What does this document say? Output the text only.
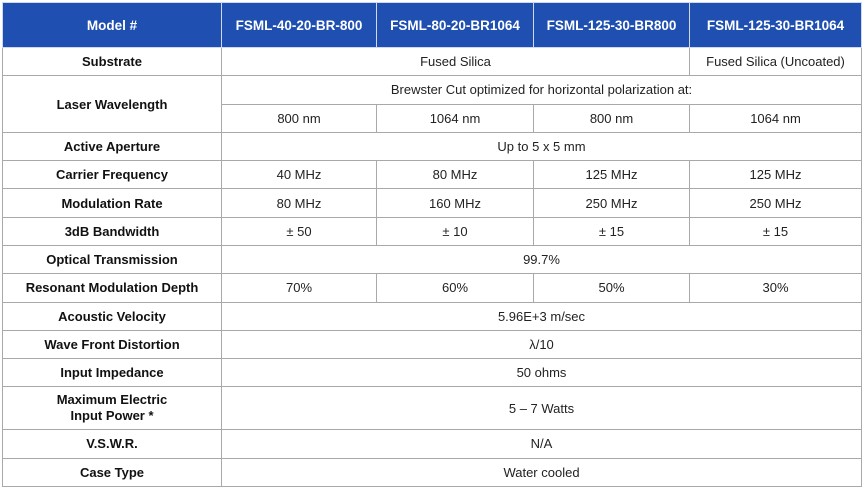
Model #	FSML-40-20-BR-800	FSML-80-20-BR1064	FSML-125-30-BR800	FSML-125-30-BR1064
Substrate	Fused Silica			Fused Silica (Uncoated)
Laser Wavelength	Brewster Cut optimized for horizontal polarization at:			
	800 nm	1064 nm	800 nm	1064 nm
Active Aperture	Up to 5 x 5 mm			
Carrier Frequency	40 MHz	80 MHz	125 MHz	125 MHz
Modulation Rate	80 MHz	160 MHz	250 MHz	250 MHz
3dB Bandwidth	± 50	± 10	± 15	± 15
Optical Transmission	99.7%			
Resonant Modulation Depth	70%	60%	50%	30%
Acoustic Velocity	5.96E+3 m/sec			
Wave Front Distortion	λ/10			
Input Impedance	50 ohms			

Maximum Electric
Input Power *	5 – 7 Watts			
V.S.W.R.	N/A			
Case Type	Water cooled			
